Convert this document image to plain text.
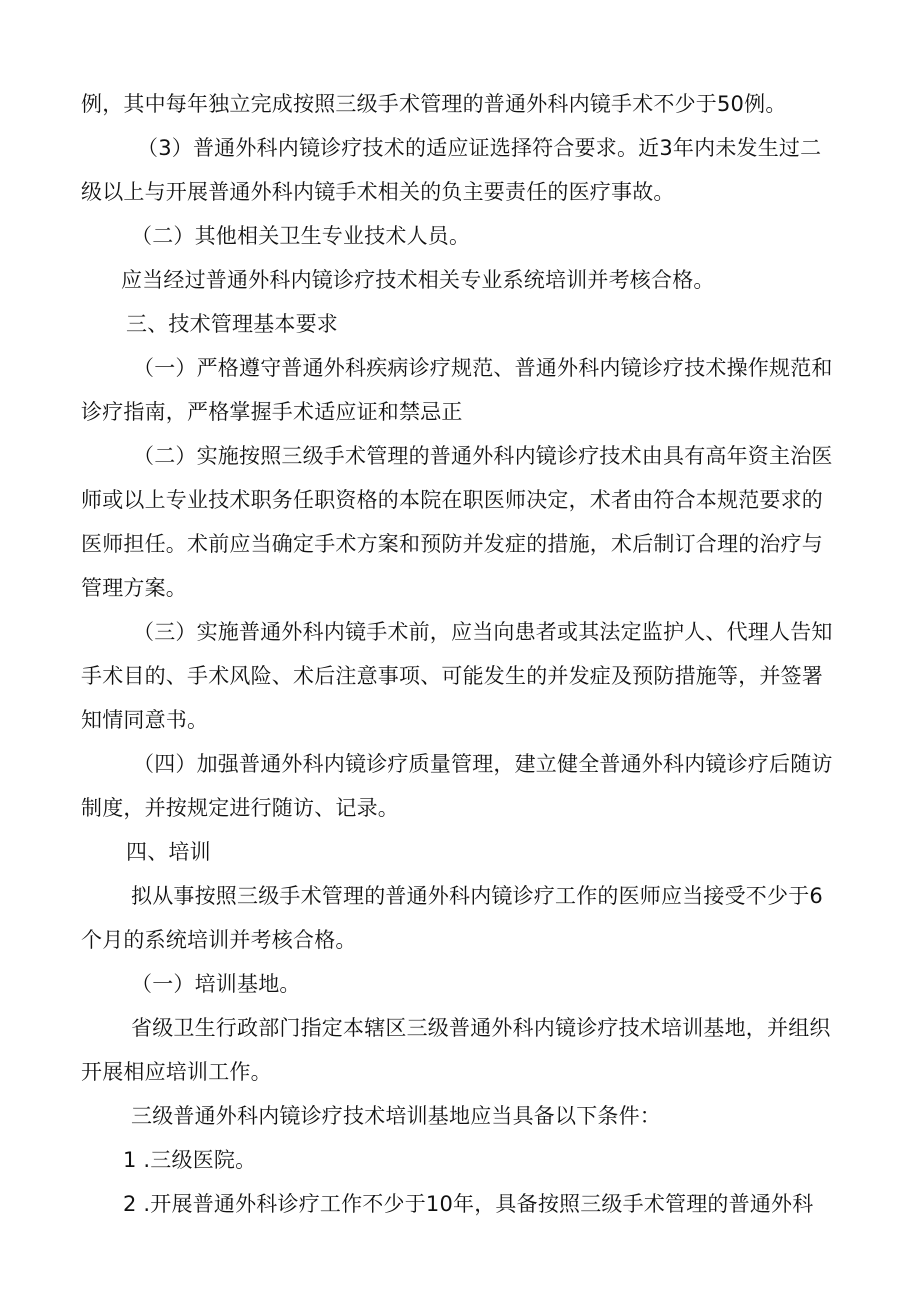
例，其中每年独立完成按照三级手术管理的普通外科内镜手术不少于50例。
（3）普通外科内镜诊疗技术的适应证选择符合要求。近3年内未发生过二
级以上与开展普通外科内镜手术相关的负主要责任的医疗事故。
（二）其他相关卫生专业技术人员。
应当经过普通外科内镜诊疗技术相关专业系统培训并考核合格。
三、技术管理基本要求
（一）严格遵守普通外科疾病诊疗规范、普通外科内镜诊疗技术操作规范和
诊疗指南，严格掌握手术适应证和禁忌正
（二）实施按照三级手术管理的普通外科内镜诊疗技术由具有高年资主治医
师或以上专业技术职务任职资格的本院在职医师决定，术者由符合本规范要求的
医师担任。术前应当确定手术方案和预防并发症的措施，术后制订合理的治疗与
管理方案。
（三）实施普通外科内镜手术前，应当向患者或其法定监护人、代理人告知
手术目的、手术风险、术后注意事项、可能发生的并发症及预防措施等，并签署
知情同意书。
（四）加强普通外科内镜诊疗质量管理，建立健全普通外科内镜诊疗后随访
制度，并按规定进行随访、记录。
四、培训
拟从事按照三级手术管理的普通外科内镜诊疗工作的医师应当接受不少于6
个月的系统培训并考核合格。
（一）培训基地。
省级卫生行政部门指定本辖区三级普通外科内镜诊疗技术培训基地，并组织
开展相应培训工作。
三级普通外科内镜诊疗技术培训基地应当具备以下条件：
1 .三级医院。
2 .开展普通外科诊疗工作不少于10年，具备按照三级手术管理的普通外科
